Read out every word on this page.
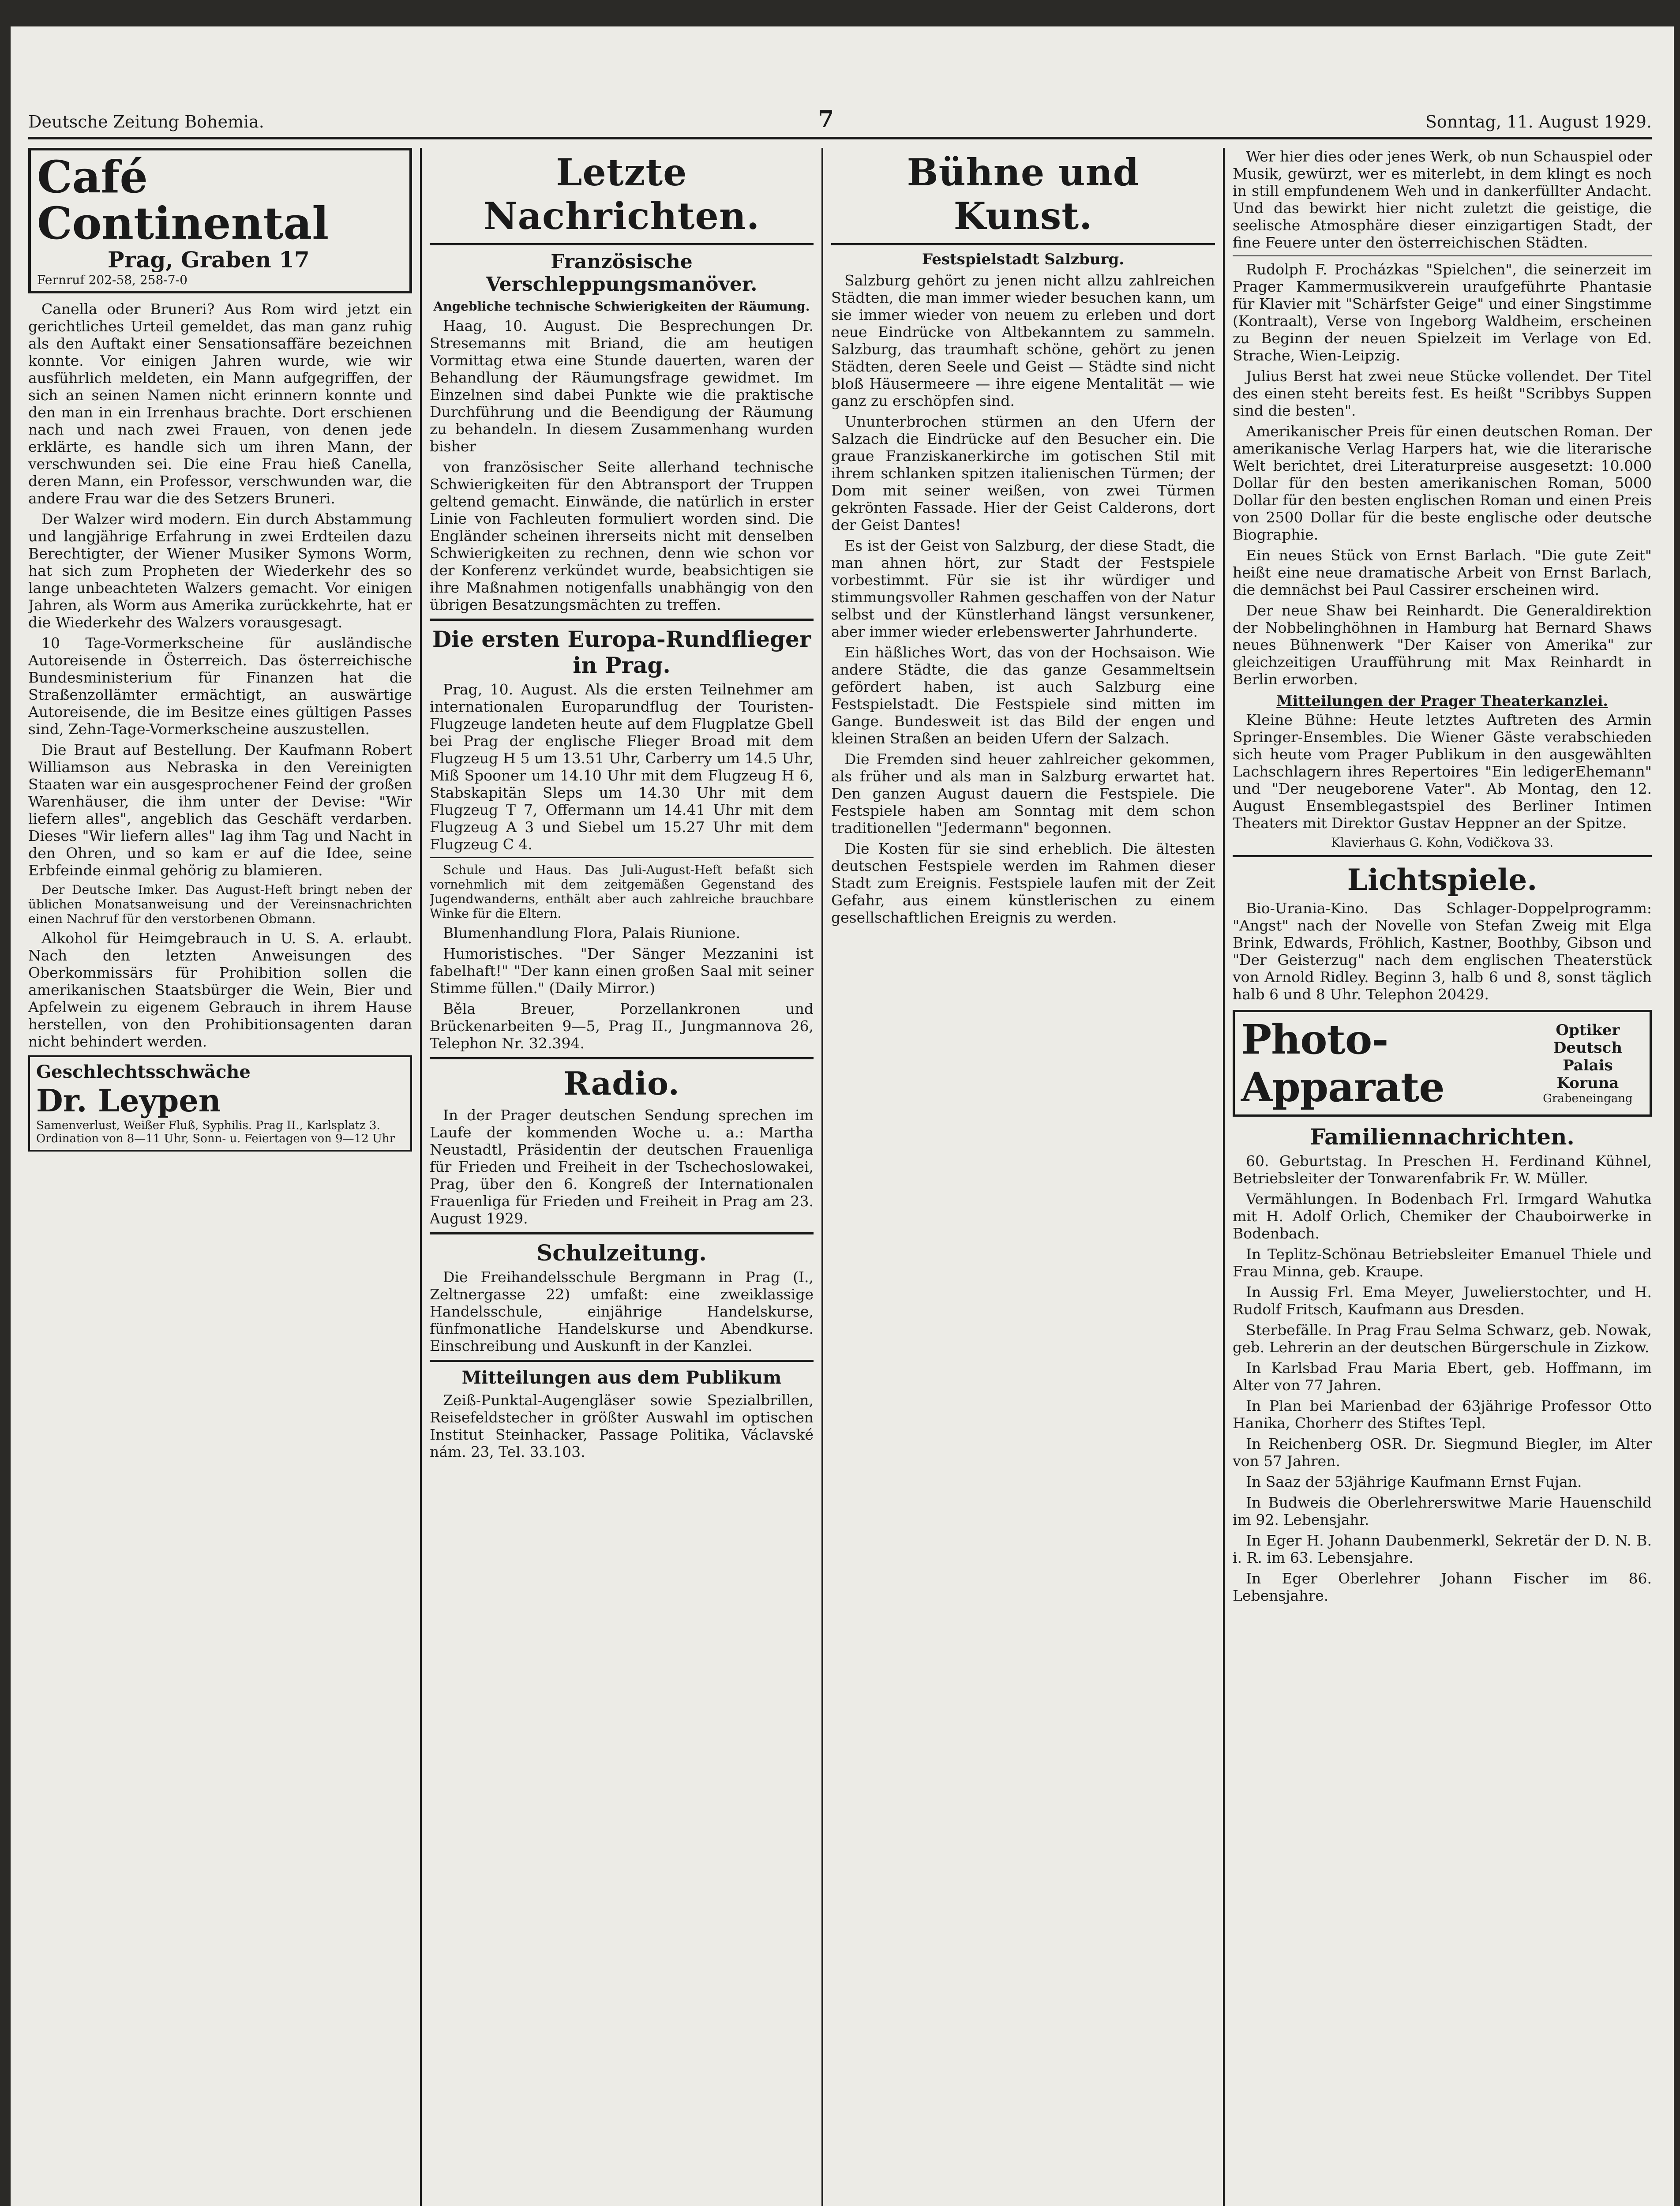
Deutsche Zeitung Bohemia.	7	Sonntag, 11. August 1929.
Café Continental
Prag, Graben 17
Fernruf 202-58, 258-7-0

Canella oder Bruneri? Aus Rom wird jetzt ein gerichtliches Urteil gemeldet, das man ganz ruhig als den Auftakt einer Sensationsaffäre bezeichnen konnte. Vor einigen Jahren wurde, wie wir ausführlich meldeten, ein Mann aufgegriffen, der sich an seinen Namen nicht erinnern konnte und den man in ein Irrenhaus brachte. Dort erschienen nach und nach zwei Frauen, von denen jede erklärte, es handle sich um ihren Mann, der verschwunden sei. Die eine Frau hieß Canella, deren Mann, ein Professor, verschwunden war, die andere Frau war die des Setzers Bruneri.

Der Walzer wird modern. Ein durch Abstammung und langjährige Erfahrung in zwei Erdteilen dazu Berechtigter, der Wiener Musiker Symons Worm, hat sich zum Propheten der Wiederkehr des so lange unbeachteten Walzers gemacht. Vor einigen Jahren, als Worm aus Amerika zurückkehrte, hat er die Wiederkehr des Walzers vorausgesagt.

10 Tage-Vormerkscheine für ausländische Autoreisende in Österreich. Das österreichische Bundesministerium für Finanzen hat die Straßenzollämter ermächtigt, an auswärtige Autoreisende, die im Besitze eines gültigen Passes sind, Zehn-Tage-Vormerkscheine auszustellen.

Die Braut auf Bestellung. Der Kaufmann Robert Williamson aus Nebraska in den Vereinigten Staaten war ein ausgesprochener Feind der großen Warenhäuser, die ihm unter der Devise: "Wir liefern alles", angeblich das Geschäft verdarben. Dieses "Wir liefern alles" lag ihm Tag und Nacht in den Ohren, und so kam er auf die Idee, seine Erbfeinde einmal gehörig zu blamieren.

Der Deutsche Imker. Das August-Heft bringt neben der üblichen Monatsanweisung und der Vereinsnachrichten einen Nachruf für den verstorbenen Obmann.

Alkohol für Heimgebrauch in U. S. A. erlaubt. Nach den letzten Anweisungen des Oberkommissärs für Prohibition sollen die amerikanischen Staatsbürger die Wein, Bier und Apfelwein zu eigenem Gebrauch in ihrem Hause herstellen, von den Prohibitionsagenten daran nicht behindert werden.

Geschlechtsschwäche
Dr. Leypen
Samenverlust, Weißer Fluß, Syphilis. Prag II., Karlsplatz 3. Ordination von 8—11 Uhr, Sonn- u. Feiertagen von 9—12 Uhr
Letzte Nachrichten.
Französische Verschleppungsmanöver.
Angebliche technische Schwierigkeiten der Räumung.

Haag, 10. August. Die Besprechungen Dr. Stresemanns mit Briand, die am heutigen Vormittag etwa eine Stunde dauerten, waren der Behandlung der Räumungsfrage gewidmet. Im Einzelnen sind dabei Punkte wie die praktische Durchführung und die Beendigung der Räumung zu behandeln. In diesem Zusammenhang wurden bisher

von französischer Seite allerhand technische Schwierigkeiten für den Abtransport der Truppen geltend gemacht. Einwände, die natürlich in erster Linie von Fachleuten formuliert worden sind. Die Engländer scheinen ihrerseits nicht mit denselben Schwierigkeiten zu rechnen, denn wie schon vor der Konferenz verkündet wurde, beabsichtigen sie ihre Maßnahmen notigenfalls unabhängig von den übrigen Besatzungsmächten zu treffen.

Die ersten Europa-Rundflieger in Prag.

Prag, 10. August. Als die ersten Teilnehmer am internationalen Europarundflug der Touristen-Flugzeuge landeten heute auf dem Flugplatze Gbell bei Prag der englische Flieger Broad mit dem Flugzeug H 5 um 13.51 Uhr, Carberry um 14.5 Uhr, Miß Spooner um 14.10 Uhr mit dem Flugzeug H 6, Stabskapitän Sleps um 14.30 Uhr mit dem Flugzeug T 7, Offermann um 14.41 Uhr mit dem Flugzeug A 3 und Siebel um 15.27 Uhr mit dem Flugzeug C 4.

Schule und Haus. Das Juli-August-Heft befaßt sich vornehmlich mit dem zeitgemäßen Gegenstand des Jugendwanderns, enthält aber auch zahlreiche brauchbare Winke für die Eltern.

Blumenhandlung Flora, Palais Riunione.

Humoristisches. "Der Sänger Mezzanini ist fabelhaft!" "Der kann einen großen Saal mit seiner Stimme füllen." (Daily Mirror.)

Běla Breuer, Porzellankronen und Brückenarbeiten 9—5, Prag II., Jungmannova 26, Telephon Nr. 32.394.

Radio.

In der Prager deutschen Sendung sprechen im Laufe der kommenden Woche u. a.: Martha Neustadtl, Präsidentin der deutschen Frauenliga für Frieden und Freiheit in der Tschechoslowakei, Prag, über den 6. Kongreß der Internationalen Frauenliga für Frieden und Freiheit in Prag am 23. August 1929.

Schulzeitung.

Die Freihandelsschule Bergmann in Prag (I., Zeltnergasse 22) umfaßt: eine zweiklassige Handelsschule, einjährige Handelskurse, fünfmonatliche Handelskurse und Abendkurse. Einschreibung und Auskunft in der Kanzlei.

Mitteilungen aus dem Publikum

Zeiß-Punktal-Augengläser sowie Spezialbrillen, Reisefeldstecher in größter Auswahl im optischen Institut Steinhacker, Passage Politika, Václavské nám. 23, Tel. 33.103.

Bühne und Kunst.
Festspielstadt Salzburg.

Salzburg gehört zu jenen nicht allzu zahlreichen Städten, die man immer wieder besuchen kann, um sie immer wieder von neuem zu erleben und dort neue Eindrücke von Altbekanntem zu sammeln. Salzburg, das traumhaft schöne, gehört zu jenen Städten, deren Seele und Geist — Städte sind nicht bloß Häusermeere — ihre eigene Mentalität — wie ganz zu erschöpfen sind.

Ununterbrochen stürmen an den Ufern der Salzach die Eindrücke auf den Besucher ein. Die graue Franziskanerkirche im gotischen Stil mit ihrem schlanken spitzen italienischen Türmen; der Dom mit seiner weißen, von zwei Türmen gekrönten Fassade. Hier der Geist Calderons, dort der Geist Dantes!

Es ist der Geist von Salzburg, der diese Stadt, die man ahnen hört, zur Stadt der Festspiele vorbestimmt. Für sie ist ihr würdiger und stimmungsvoller Rahmen geschaffen von der Natur selbst und der Künstlerhand längst versunkener, aber immer wieder erlebenswerter Jahrhunderte.

Ein häßliches Wort, das von der Hochsaison. Wie andere Städte, die das ganze Gesammeltsein gefördert haben, ist auch Salzburg eine Festspielstadt. Die Festspiele sind mitten im Gange. Bundesweit ist das Bild der engen und kleinen Straßen an beiden Ufern der Salzach.

Die Fremden sind heuer zahlreicher gekommen, als früher und als man in Salzburg erwartet hat. Den ganzen August dauern die Festspiele. Die Festspiele haben am Sonntag mit dem schon traditionellen "Jedermann" begonnen.

Die Kosten für sie sind erheblich. Die ältesten deutschen Festspiele werden im Rahmen dieser Stadt zum Ereignis. Festspiele laufen mit der Zeit Gefahr, aus einem künstlerischen zu einem gesellschaftlichen Ereignis zu werden.

Wer hier dies oder jenes Werk, ob nun Schauspiel oder Musik, gewürzt, wer es miterlebt, in dem klingt es noch in still empfundenem Weh und in dankerfüllter Andacht. Und das bewirkt hier nicht zuletzt die geistige, die seelische Atmosphäre dieser einzigartigen Stadt, der fine Feuere unter den österreichischen Städten.

Rudolph F. Procházkas "Spielchen", die seinerzeit im Prager Kammermusikverein uraufgeführte Phantasie für Klavier mit "Schärfster Geige" und einer Singstimme (Kontraalt), Verse von Ingeborg Waldheim, erscheinen zu Beginn der neuen Spielzeit im Verlage von Ed. Strache, Wien-Leipzig.

Julius Berst hat zwei neue Stücke vollendet. Der Titel des einen steht bereits fest. Es heißt "Scribbys Suppen sind die besten".

Amerikanischer Preis für einen deutschen Roman. Der amerikanische Verlag Harpers hat, wie die literarische Welt berichtet, drei Literaturpreise ausgesetzt: 10.000 Dollar für den besten amerikanischen Roman, 5000 Dollar für den besten englischen Roman und einen Preis von 2500 Dollar für die beste englische oder deutsche Biographie.

Ein neues Stück von Ernst Barlach. "Die gute Zeit" heißt eine neue dramatische Arbeit von Ernst Barlach, die demnächst bei Paul Cassirer erscheinen wird.

Der neue Shaw bei Reinhardt. Die Generaldirektion der Nobbelinghöhnen in Hamburg hat Bernard Shaws neues Bühnenwerk "Der Kaiser von Amerika" zur gleichzeitigen Uraufführung mit Max Reinhardt in Berlin erworben.

Mitteilungen der Prager Theaterkanzlei.

Kleine Bühne: Heute letztes Auftreten des Armin Springer-Ensembles. Die Wiener Gäste verabschieden sich heute vom Prager Publikum in den ausgewählten Lachschlagern ihres Repertoires "Ein ledigerEhemann" und "Der neugeborene Vater". Ab Montag, den 12. August Ensemblegastspiel des Berliner Intimen Theaters mit Direktor Gustav Heppner an der Spitze.

Klavierhaus G. Kohn, Vodičkova 33.
Lichtspiele.

Bio-Urania-Kino. Das Schlager-Doppelprogramm: "Angst" nach der Novelle von Stefan Zweig mit Elga Brink, Edwards, Fröhlich, Kastner, Boothby, Gibson und "Der Geisterzug" nach dem englischen Theaterstück von Arnold Ridley. Beginn 3, halb 6 und 8, sonst täglich halb 6 und 8 Uhr. Telephon 20429.

Photo-Apparate
Optiker Deutsch
Palais Koruna
Grabeneingang
Familiennachrichten.

60. Geburtstag. In Preschen H. Ferdinand Kühnel, Betriebsleiter der Tonwarenfabrik Fr. W. Müller.

Vermählungen. In Bodenbach Frl. Irmgard Wahutka mit H. Adolf Orlich, Chemiker der Chauboirwerke in Bodenbach.

In Teplitz-Schönau Betriebsleiter Emanuel Thiele und Frau Minna, geb. Kraupe.

In Aussig Frl. Ema Meyer, Juwelierstochter, und H. Rudolf Fritsch, Kaufmann aus Dresden.

Sterbefälle. In Prag Frau Selma Schwarz, geb. Nowak, geb. Lehrerin an der deutschen Bürgerschule in Zizkow.

In Karlsbad Frau Maria Ebert, geb. Hoffmann, im Alter von 77 Jahren.

In Plan bei Marienbad der 63jährige Professor Otto Hanika, Chorherr des Stiftes Tepl.

In Reichenberg OSR. Dr. Siegmund Biegler, im Alter von 57 Jahren.

In Saaz der 53jährige Kaufmann Ernst Fujan.

In Budweis die Oberlehrerswitwe Marie Hauenschild im 92. Lebensjahr.

In Eger H. Johann Daubenmerkl, Sekretär der D. N. B. i. R. im 63. Lebensjahre.

In Eger Oberlehrer Johann Fischer im 86. Lebensjahre.
